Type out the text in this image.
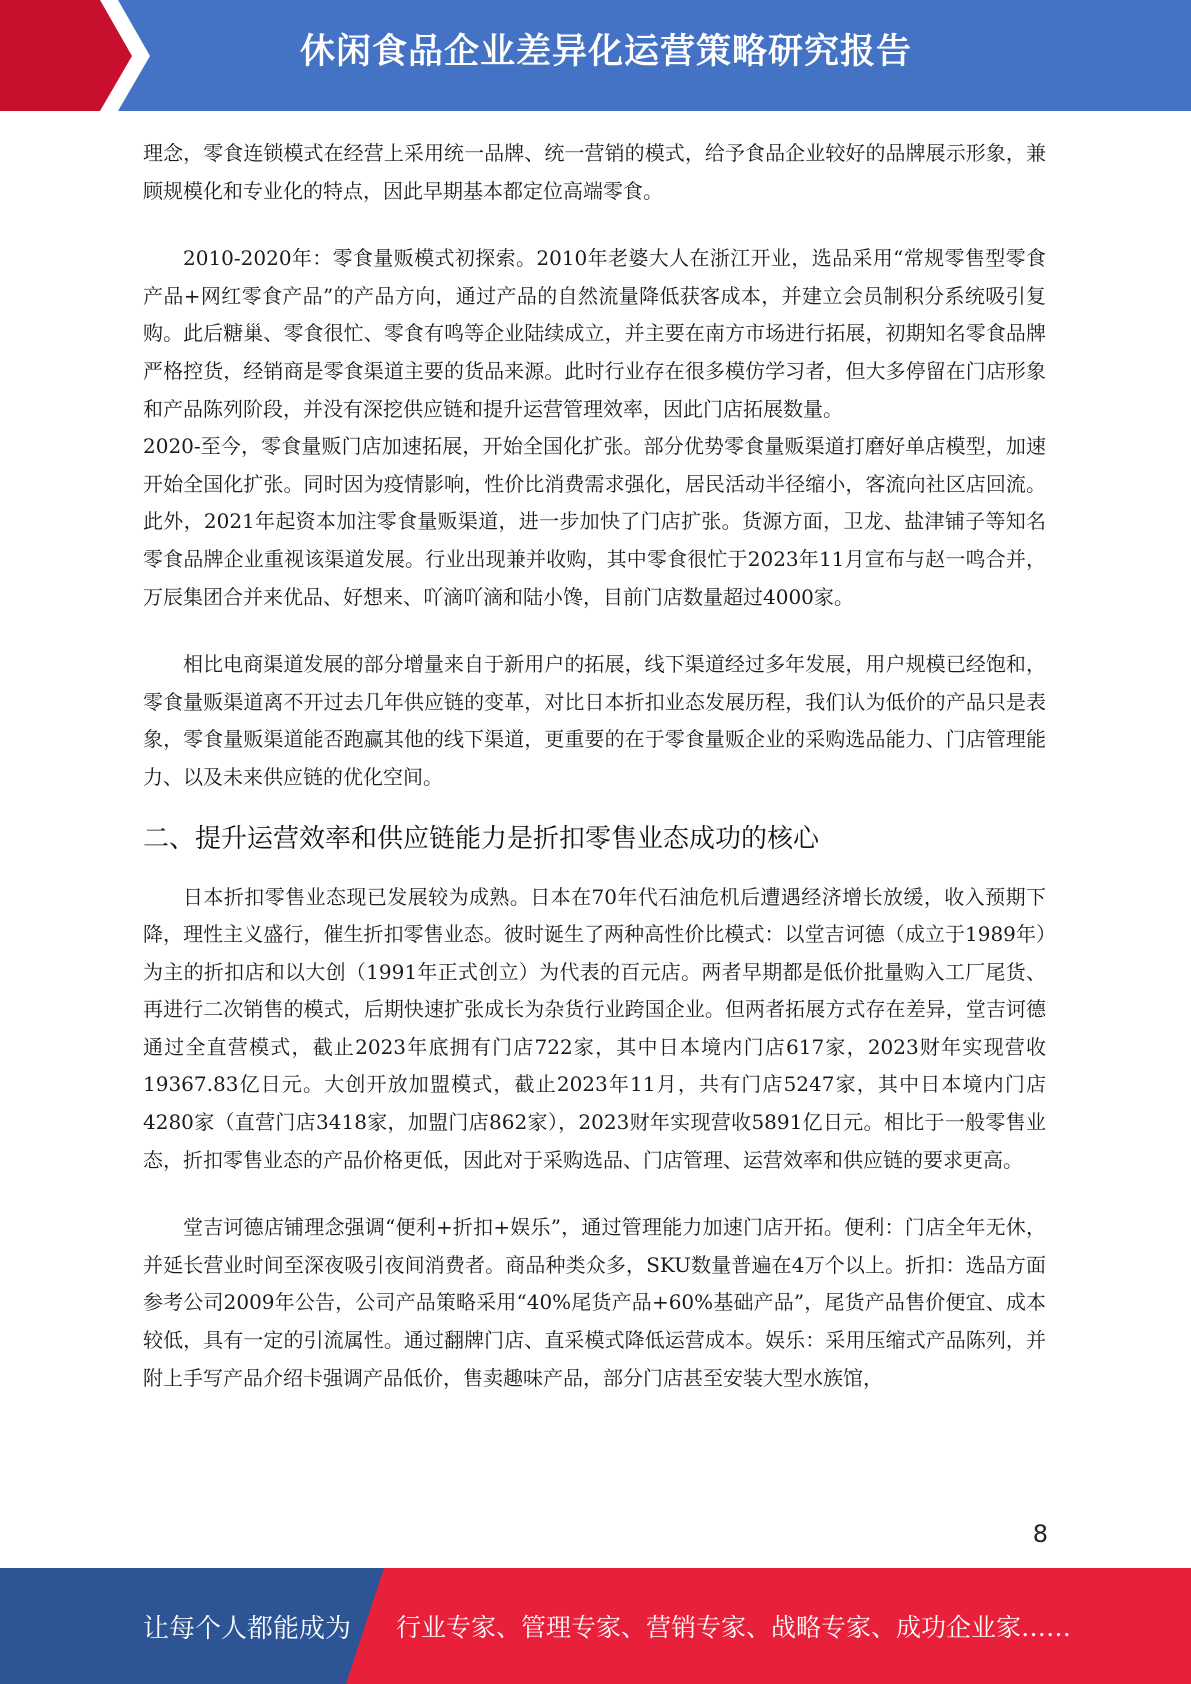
休闲食品企业差异化运营策略研究报告

理念，零食连锁模式在经营上采用统一品牌、统一营销的模式，给予食品企业较好的品牌展示形象，兼顾规模化和专业化的特点，因此早期基本都定位高端零食。

2010-2020年：零食量贩模式初探索。2010年老婆大人在浙江开业，选品采用“常规零售型零食产品+网红零食产品”的产品方向，通过产品的自然流量降低获客成本，并建立会员制积分系统吸引复购。此后糖巢、零食很忙、零食有鸣等企业陆续成立，并主要在南方市场进行拓展，初期知名零食品牌严格控货，经销商是零食渠道主要的货品来源。此时行业存在很多模仿学习者，但大多停留在门店形象和产品陈列阶段，并没有深挖供应链和提升运营管理效率，因此门店拓展数量。

2020-至今，零食量贩门店加速拓展，开始全国化扩张。部分优势零食量贩渠道打磨好单店模型，加速开始全国化扩张。同时因为疫情影响，性价比消费需求强化，居民活动半径缩小，客流向社区店回流。此外，2021年起资本加注零食量贩渠道，进一步加快了门店扩张。货源方面，卫龙、盐津铺子等知名零食品牌企业重视该渠道发展。行业出现兼并收购，其中零食很忙于2023年11月宣布与赵一鸣合并，万辰集团合并来优品、好想来、吖滴吖滴和陆小馋，目前门店数量超过4000家。

相比电商渠道发展的部分增量来自于新用户的拓展，线下渠道经过多年发展，用户规模已经饱和，零食量贩渠道离不开过去几年供应链的变革，对比日本折扣业态发展历程，我们认为低价的产品只是表象，零食量贩渠道能否跑赢其他的线下渠道，更重要的在于零食量贩企业的采购选品能力、门店管理能力、以及未来供应链的优化空间。

二、提升运营效率和供应链能力是折扣零售业态成功的核心

日本折扣零售业态现已发展较为成熟。日本在70年代石油危机后遭遇经济增长放缓，收入预期下降，理性主义盛行，催生折扣零售业态。彼时诞生了两种高性价比模式：以堂吉诃德（成立于1989年）为主的折扣店和以大创（1991年正式创立）为代表的百元店。两者早期都是低价批量购入工厂尾货、再进行二次销售的模式，后期快速扩张成长为杂货行业跨国企业。但两者拓展方式存在差异，堂吉诃德通过全直营模式，截止2023年底拥有门店722家，其中日本境内门店617家，2023财年实现营收19367.83亿日元。大创开放加盟模式，截止2023年11月，共有门店5247家，其中日本境内门店4280家（直营门店3418家，加盟门店862家），2023财年实现营收5891亿日元。相比于一般零售业态，折扣零售业态的产品价格更低，因此对于采购选品、门店管理、运营效率和供应链的要求更高。

堂吉诃德店铺理念强调“便利+折扣+娱乐”，通过管理能力加速门店开拓。便利：门店全年无休，并延长营业时间至深夜吸引夜间消费者。商品种类众多，SKU数量普遍在4万个以上。折扣：选品方面参考公司2009年公告，公司产品策略采用“40%尾货产品+60%基础产品”，尾货产品售价便宜、成本较低，具有一定的引流属性。通过翻牌门店、直采模式降低运营成本。娱乐：采用压缩式产品陈列，并附上手写产品介绍卡强调产品低价，售卖趣味产品，部分门店甚至安装大型水族馆，

8
让每个人都能成为 行业专家、管理专家、营销专家、战略专家、成功企业家……
